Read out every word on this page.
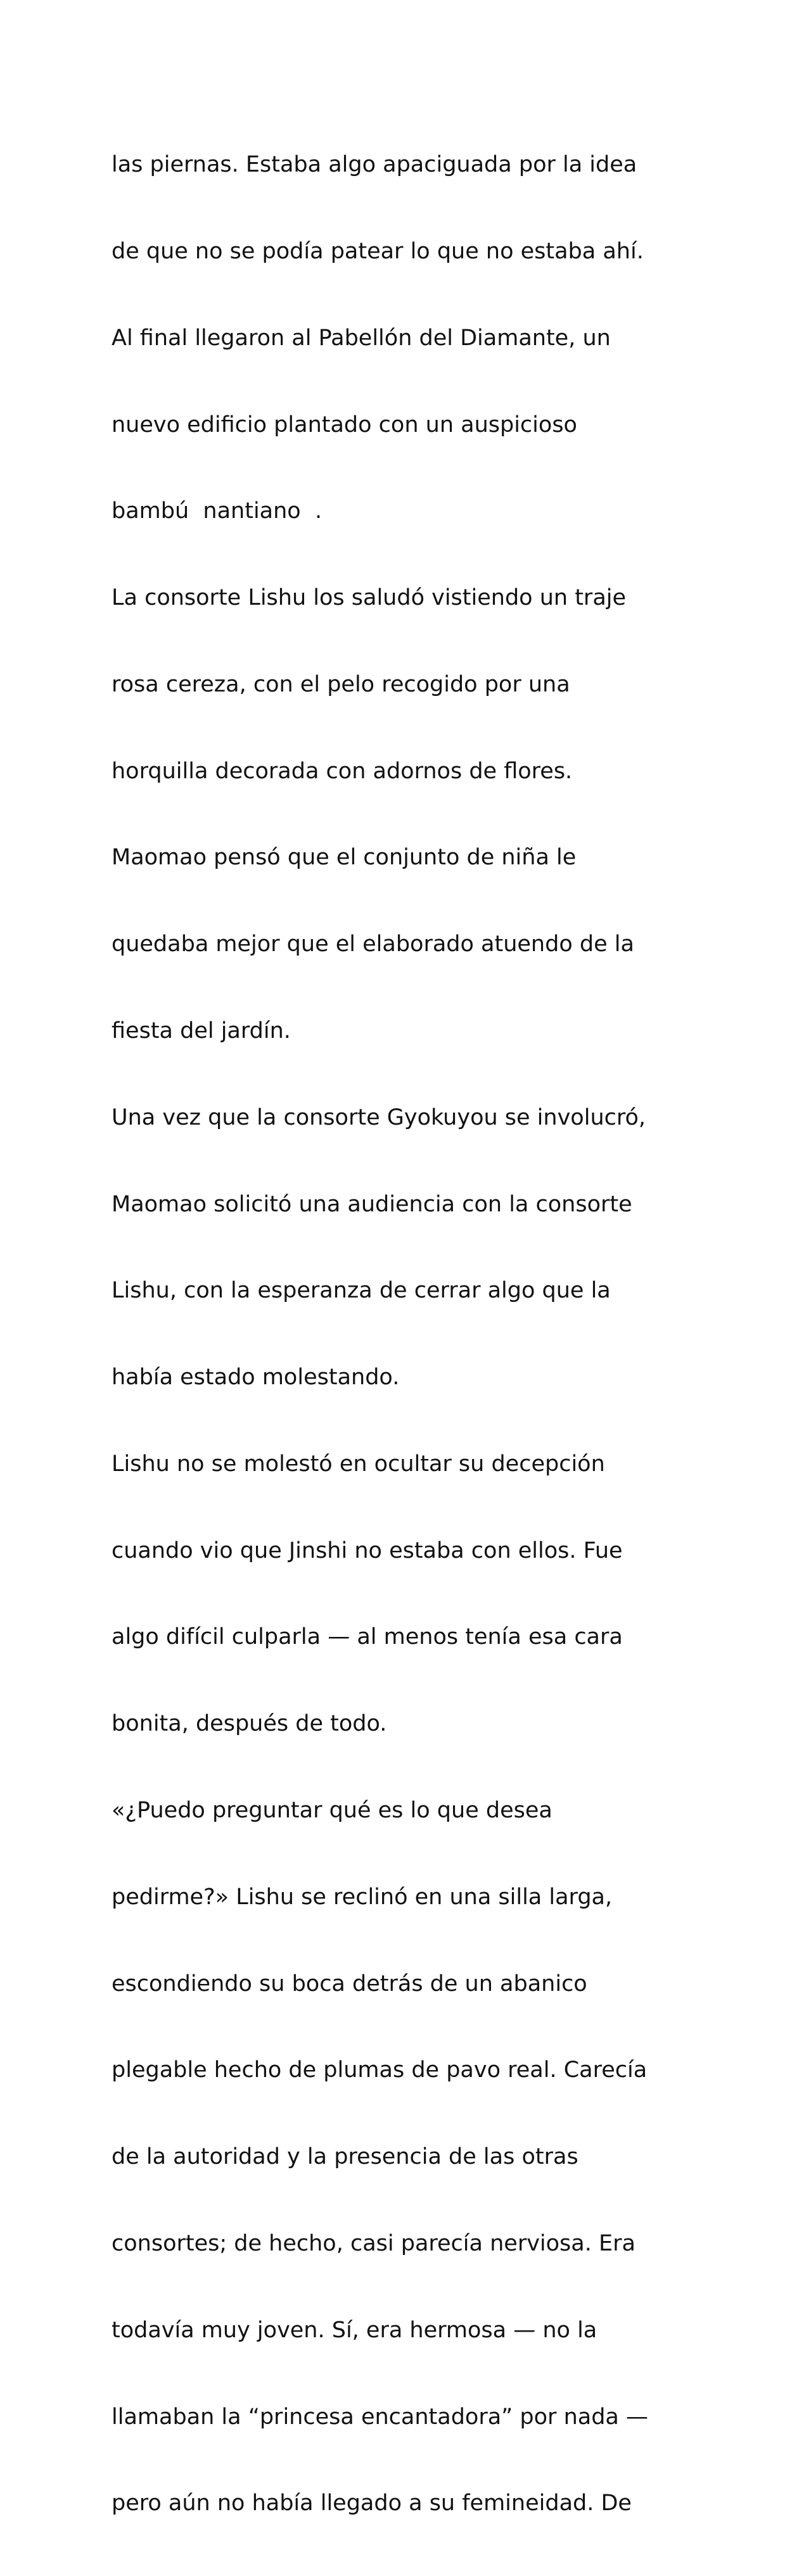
las piernas. Estaba algo apaciguada por la idea

de que no se podía patear lo que no estaba ahí.

Al final llegaron al Pabellón del Diamante, un

nuevo edificio plantado con un auspicioso

bambú  nantiano  .

La consorte Lishu los saludó vistiendo un traje

rosa cereza, con el pelo recogido por una

horquilla decorada con adornos de flores.

Maomao pensó que el conjunto de niña le

quedaba mejor que el elaborado atuendo de la

fiesta del jardín.

Una vez que la consorte Gyokuyou se involucró,

Maomao solicitó una audiencia con la consorte

Lishu, con la esperanza de cerrar algo que la

había estado molestando.

Lishu no se molestó en ocultar su decepción

cuando vio que Jinshi no estaba con ellos. Fue

algo difícil culparla — al menos tenía esa cara

bonita, después de todo.

«¿Puedo preguntar qué es lo que desea

pedirme?» Lishu se reclinó en una silla larga,

escondiendo su boca detrás de un abanico

plegable hecho de plumas de pavo real. Carecía

de la autoridad y la presencia de las otras

consortes; de hecho, casi parecía nerviosa. Era

todavía muy joven. Sí, era hermosa — no la

llamaban la “princesa encantadora” por nada —

pero aún no había llegado a su femineidad. De
